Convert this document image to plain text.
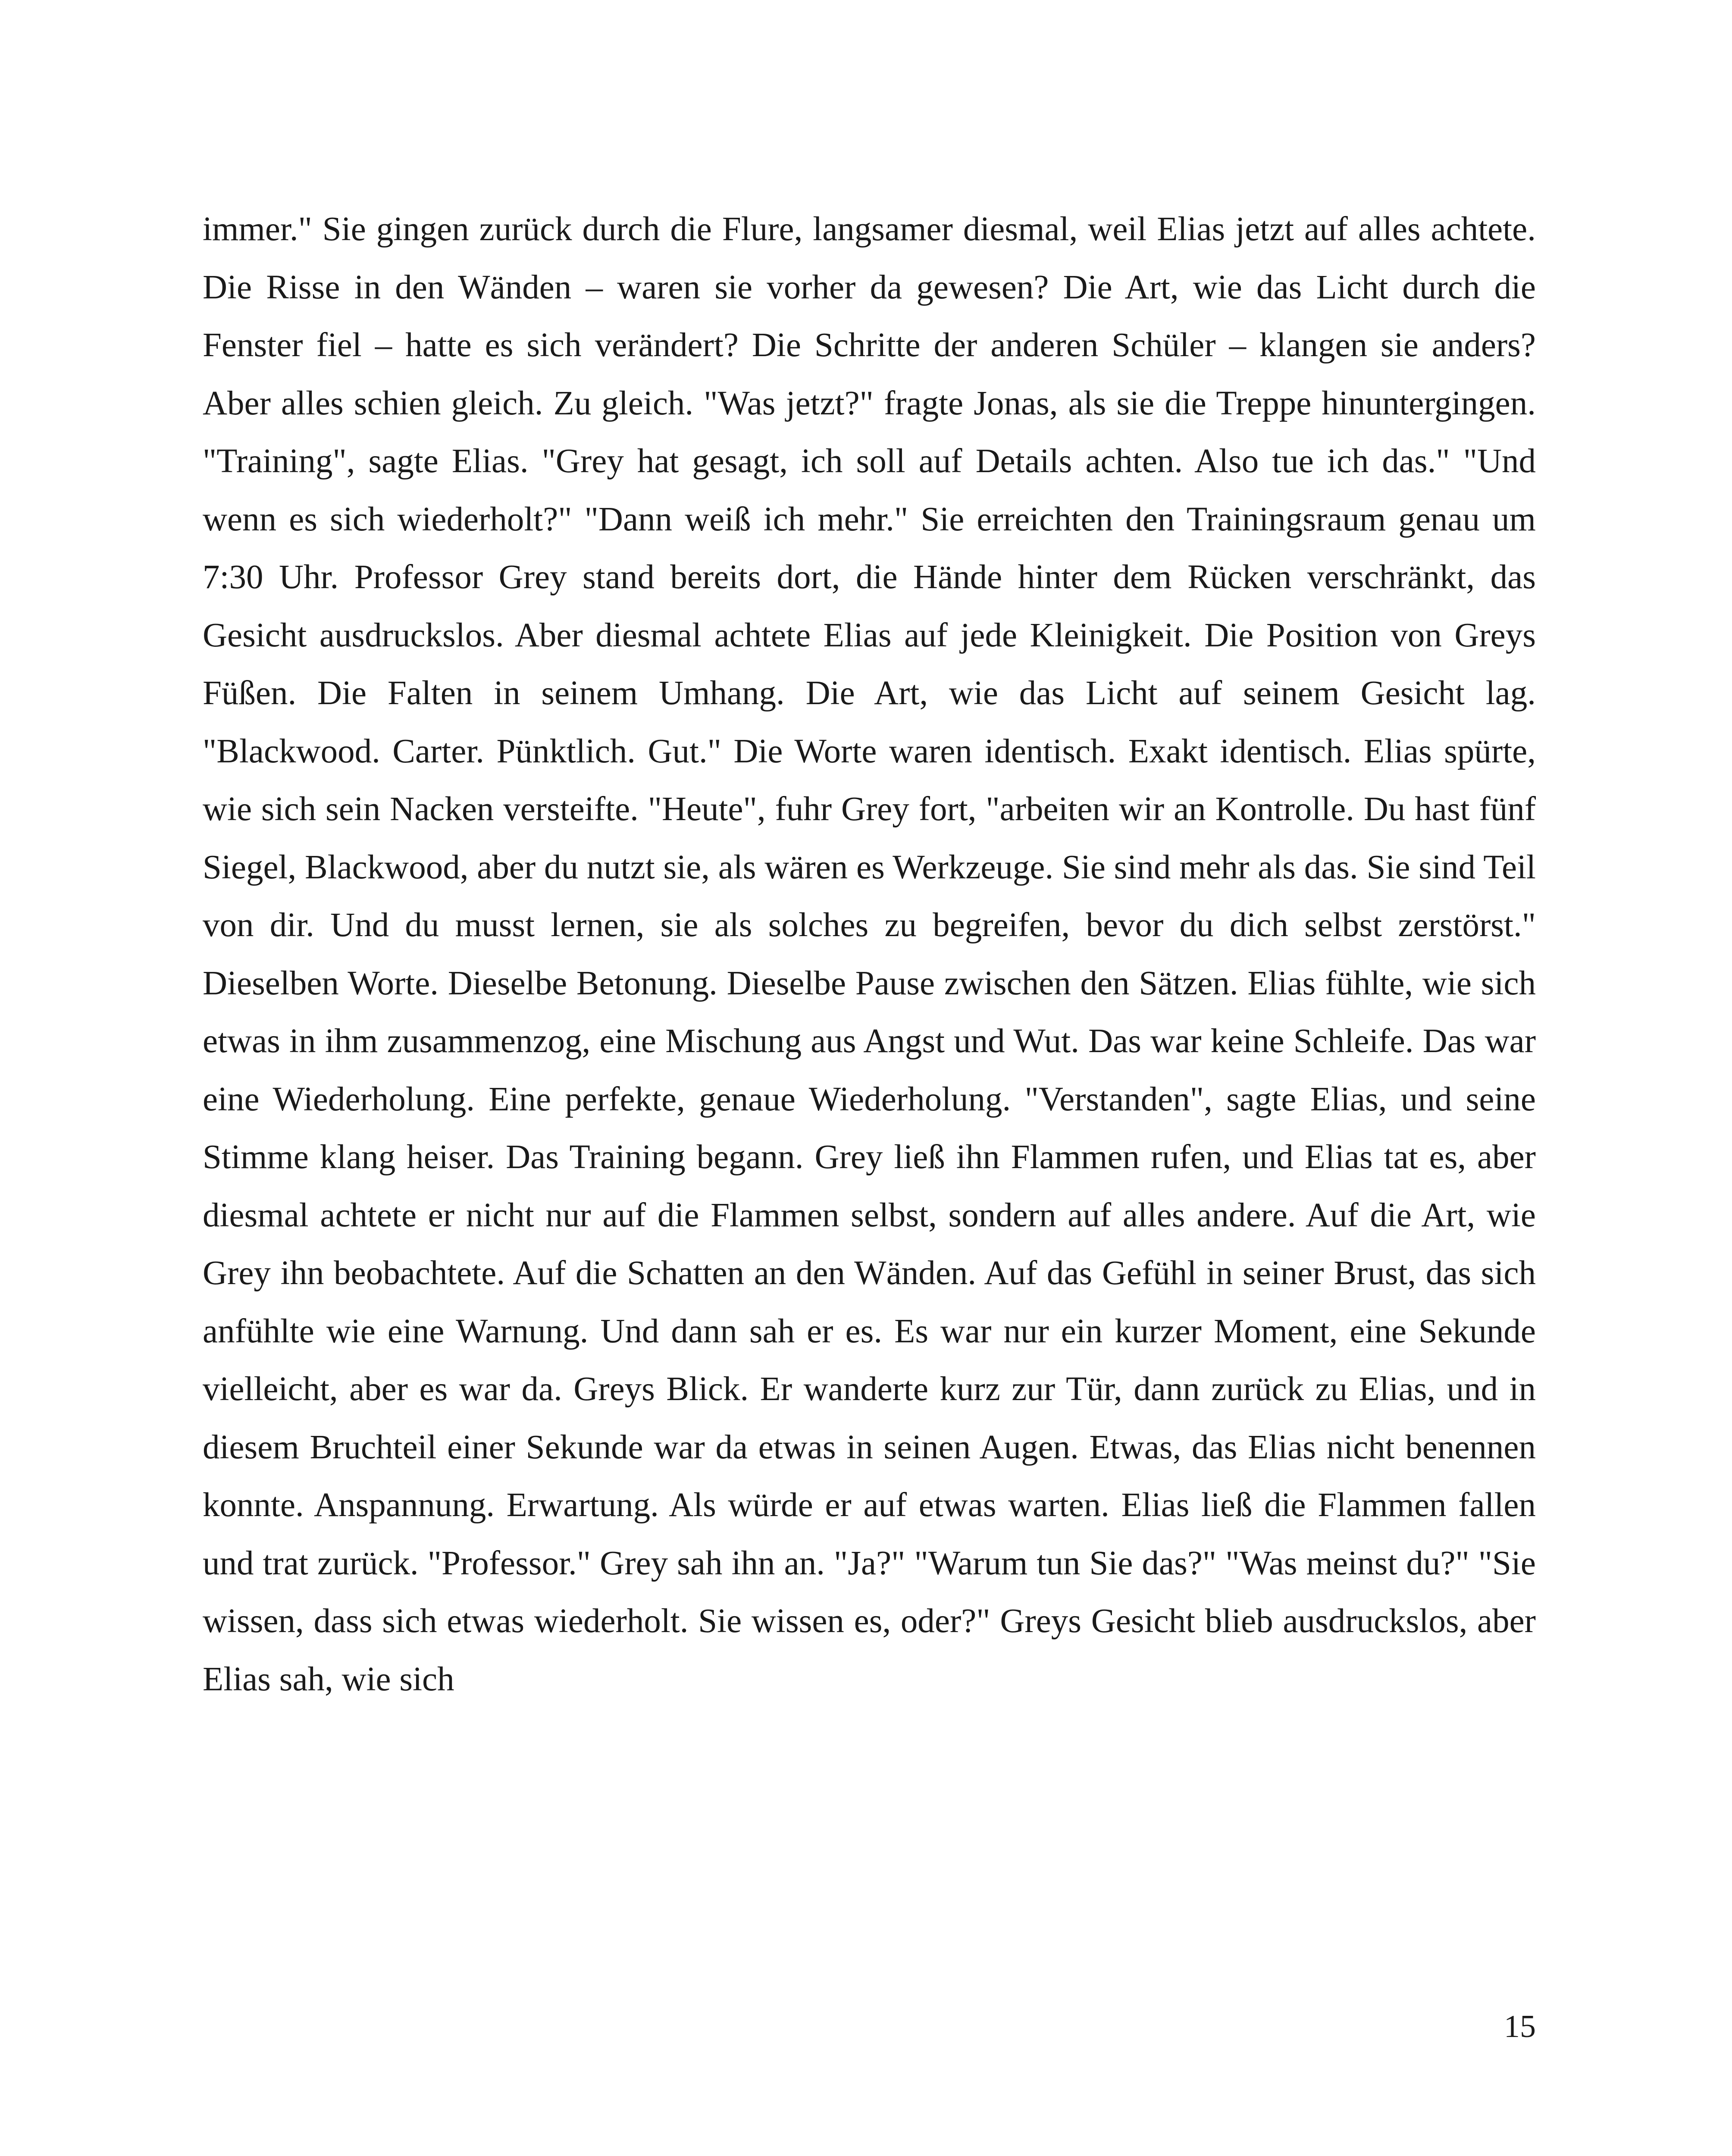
immer." Sie gingen zurück durch die Flure, langsamer diesmal, weil Elias jetzt auf alles achtete. Die Risse in den Wänden – waren sie vorher da gewesen? Die Art, wie das Licht durch die Fenster fiel – hatte es sich verändert? Die Schritte der anderen Schüler – klangen sie anders? Aber alles schien gleich. Zu gleich. "Was jetzt?" fragte Jonas, als sie die Treppe hinuntergingen. "Training", sagte Elias. "Grey hat gesagt, ich soll auf Details achten. Also tue ich das." "Und wenn es sich wiederholt?" "Dann weiß ich mehr." Sie erreichten den Trainingsraum genau um 7:30 Uhr. Professor Grey stand bereits dort, die Hände hinter dem Rücken verschränkt, das Gesicht ausdruckslos. Aber diesmal achtete Elias auf jede Kleinigkeit. Die Position von Greys Füßen. Die Falten in seinem Umhang. Die Art, wie das Licht auf seinem Gesicht lag. "Blackwood. Carter. Pünktlich. Gut." Die Worte waren identisch. Exakt identisch. Elias spürte, wie sich sein Nacken versteifte. "Heute", fuhr Grey fort, "arbeiten wir an Kontrolle. Du hast fünf Siegel, Blackwood, aber du nutzt sie, als wären es Werkzeuge. Sie sind mehr als das. Sie sind Teil von dir. Und du musst lernen, sie als solches zu begreifen, bevor du dich selbst zerstörst." Dieselben Worte. Dieselbe Betonung. Dieselbe Pause zwischen den Sätzen. Elias fühlte, wie sich etwas in ihm zusammenzog, eine Mischung aus Angst und Wut. Das war keine Schleife. Das war eine Wiederholung. Eine perfekte, genaue Wiederholung. "Verstanden", sagte Elias, und seine Stimme klang heiser. Das Training begann. Grey ließ ihn Flammen rufen, und Elias tat es, aber diesmal achtete er nicht nur auf die Flammen selbst, sondern auf alles andere. Auf die Art, wie Grey ihn beobachtete. Auf die Schatten an den Wänden. Auf das Gefühl in seiner Brust, das sich anfühlte wie eine Warnung. Und dann sah er es. Es war nur ein kurzer Moment, eine Sekunde vielleicht, aber es war da. Greys Blick. Er wanderte kurz zur Tür, dann zurück zu Elias, und in diesem Bruchteil einer Sekunde war da etwas in seinen Augen. Etwas, das Elias nicht benennen konnte. Anspannung. Erwartung. Als würde er auf etwas warten. Elias ließ die Flammen fallen und trat zurück. "Professor." Grey sah ihn an. "Ja?" "Warum tun Sie das?" "Was meinst du?" "Sie wissen, dass sich etwas wiederholt. Sie wissen es, oder?" Greys Gesicht blieb ausdruckslos, aber Elias sah, wie sich

15
